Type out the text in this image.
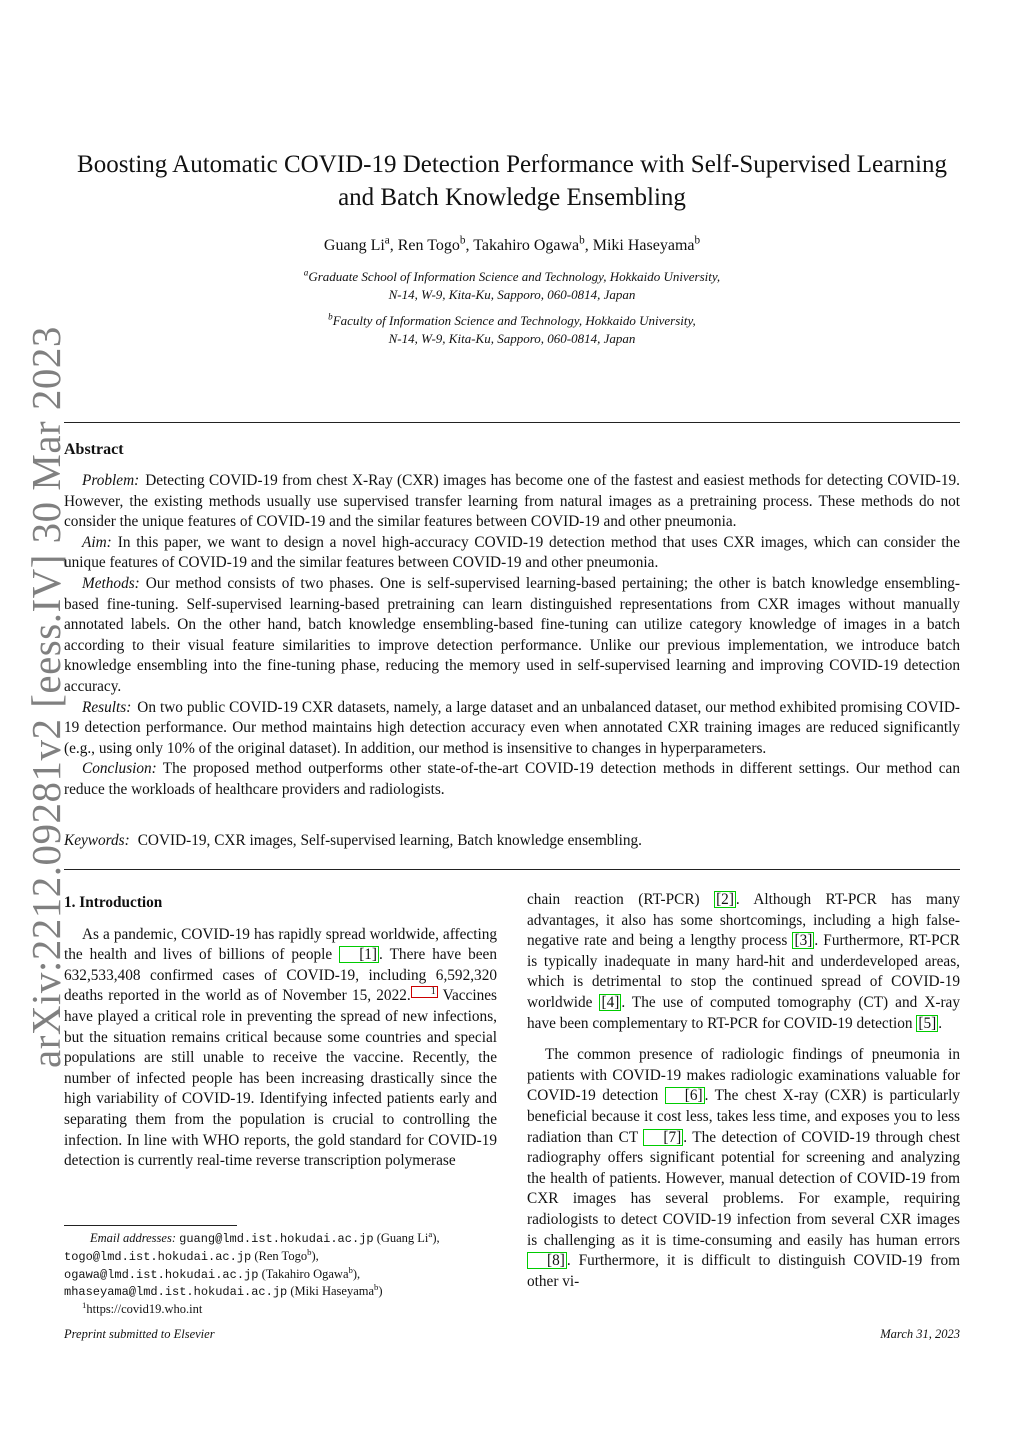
arXiv:2212.09281v2 [eess.IV] 30 Mar 2023
Boosting Automatic COVID-19 Detection Performance with Self-Supervised Learning
and Batch Knowledge Ensembling
Guang Li$^a$, Ren Togo$^b$, Takahiro Ogawa$^b$, Miki Haseyama$^b$
$^a$Graduate School of Information Science and Technology, Hokkaido University,
N-14, W-9, Kita-Ku, Sapporo, 060-0814, Japan
$^b$Faculty of Information Science and Technology, Hokkaido University,
N-14, W-9, Kita-Ku, Sapporo, 060-0814, Japan
Abstract

Problem: Detecting COVID-19 from chest X-Ray (CXR) images has become one of the fastest and easiest methods for detecting COVID-19. However, the existing methods usually use supervised transfer learning from natural images as a pretraining process. These methods do not consider the unique features of COVID-19 and the similar features between COVID-19 and other pneumonia.

Aim: In this paper, we want to design a novel high-accuracy COVID-19 detection method that uses CXR images, which can consider the unique features of COVID-19 and the similar features between COVID-19 and other pneumonia.

Methods: Our method consists of two phases. One is self-supervised learning-based pertaining; the other is batch knowledge ensembling-based fine-tuning. Self-supervised learning-based pretraining can learn distinguished representations from CXR images without manually annotated labels. On the other hand, batch knowledge ensembling-based fine-tuning can utilize category knowledge of images in a batch according to their visual feature similarities to improve detection performance. Unlike our previous implementation, we introduce batch knowledge ensembling into the fine-tuning phase, reducing the memory used in self-supervised learning and improving COVID-19 detection accuracy.

Results: On two public COVID-19 CXR datasets, namely, a large dataset and an unbalanced dataset, our method exhibited promising COVID-19 detection performance. Our method maintains high detection accuracy even when annotated CXR training images are reduced significantly (e.g., using only 10% of the original dataset). In addition, our method is insensitive to changes in hyperparameters.

Conclusion: The proposed method outperforms other state-of-the-art COVID-19 detection methods in different settings. Our method can reduce the workloads of healthcare providers and radiologists.

Keywords: COVID-19, CXR images, Self-supervised learning, Batch knowledge ensembling.
1. Introduction

As a pandemic, COVID-19 has rapidly spread worldwide, affecting the health and lives of billions of people [1] . There have been 632,533,408 confirmed cases of COVID-19, including 6,592,320 deaths reported in the world as of November 15, 2022. 1 Vaccines have played a critical role in preventing the spread of new infections, but the situation remains critical because some countries and special populations are still unable to receive the vaccine. Recently, the number of infected people has been increasing drastically since the high variability of COVID-19. Identifying infected patients early and separating them from the population is crucial to controlling the infection. In line with WHO reports, the gold standard for COVID-19 detection is currently real-time reverse transcription polymerase

chain reaction (RT-PCR) [2] . Although RT-PCR has many advantages, it also has some shortcomings, including a high false-negative rate and being a lengthy process [3] . Furthermore, RT-PCR is typically inadequate in many hard-hit and underdeveloped areas, which is detrimental to stop the continued spread of COVID-19 worldwide [4] . The use of computed tomography (CT) and X-ray have been complementary to RT-PCR for COVID-19 detection [5] .

The common presence of radiologic findings of pneumonia in patients with COVID-19 makes radiologic examinations valuable for COVID-19 detection [6] . The chest X-ray (CXR) is particularly beneficial because it cost less, takes less time, and exposes you to less radiation than CT [7] . The detection of COVID-19 through chest radiography offers significant potential for screening and analyzing the health of patients. However, manual detection of COVID-19 from CXR images has several problems. For example, requiring radiologists to detect COVID-19 infection from several CXR images is challenging as it is time-consuming and easily has human errors [8] . Furthermore, it is difficult to distinguish COVID-19 from other vi-

Email addresses: guang@lmd.ist.hokudai.ac.jp (Guang Li$^a$),
togo@lmd.ist.hokudai.ac.jp (Ren Togo$^b$),
ogawa@lmd.ist.hokudai.ac.jp (Takahiro Ogawa$^b$),
mhaseyama@lmd.ist.hokudai.ac.jp (Miki Haseyama$^b$)
$^1$https://covid19.who.int
Preprint submitted to Elsevier	March 31, 2023
